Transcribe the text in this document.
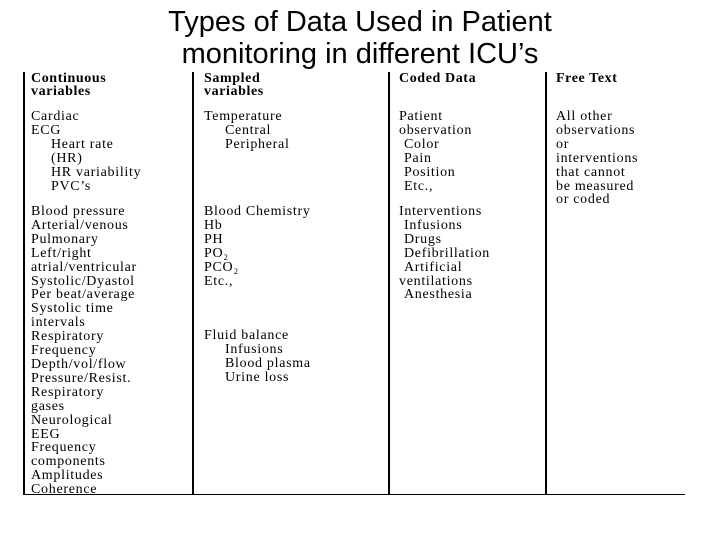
Types of Data Used in Patient
monitoring in different ICU’s
Continuous
variables
Cardiac
ECG
Heart rate
(HR)
HR variability
PVC’s
Blood pressure
Arterial/venous
Pulmonary
Left/right
atrial/ventricular
Systolic/Dyastol
Per beat/average
Systolic time
intervals
Respiratory
Frequency
Depth/vol/flow
Pressure/Resist.
Respiratory
gases
Neurological
EEG
Frequency
components
Amplitudes
Coherence
Sampled
variables
Temperature
Central
Peripheral
Blood Chemistry
Hb
PH
PO₂
PCO₂
Etc.,
Fluid balance
Infusions
Blood plasma
Urine loss
Coded Data
Patient
observation
Color
Pain
Position
Etc.,
Interventions
Infusions
Drugs
Defibrillation
Artificial
ventilations
Anesthesia
Free Text
All other
observations
or
interventions
that cannot
be measured
or coded
